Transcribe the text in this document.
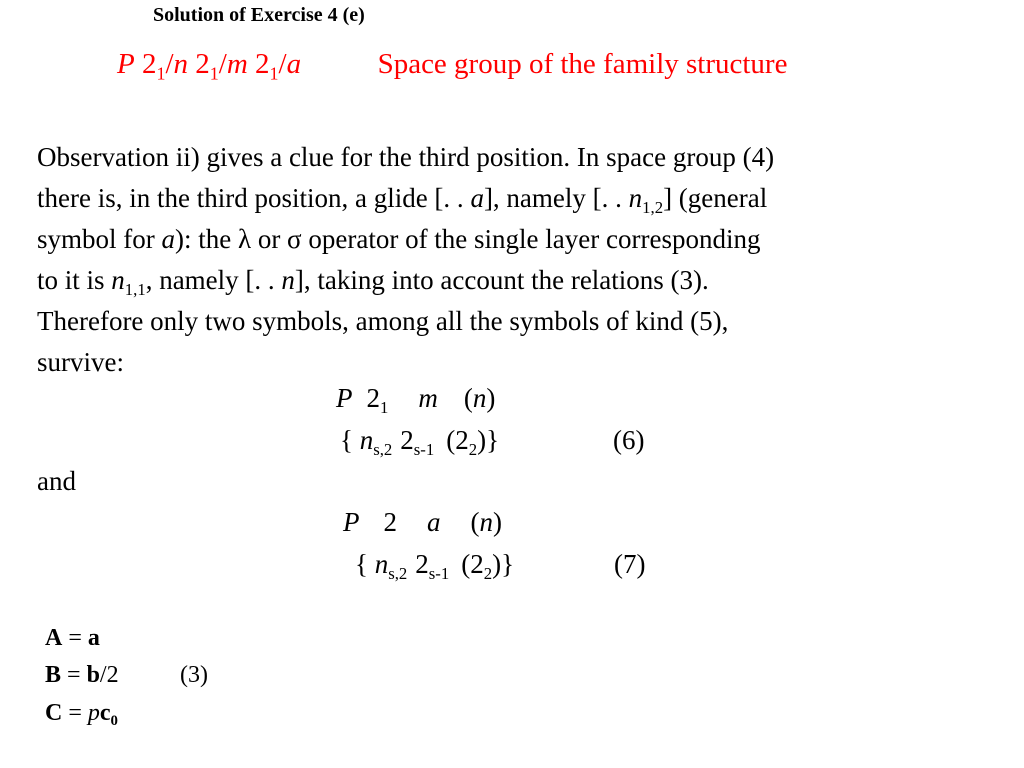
Solution of Exercise 4 (e)
P $2_1/n$ $2_1/m$ $2_1/a$	Space group of the family structure
Observation ii) gives a clue for the third position. In space group (4)
there is, in the third position, a glide [. . a], namely [. . $n_{1,2}$] (general
symbol for a): the λ or σ operator of the single layer corresponding
to it is $n_{1,1}$, namely [. . n], taking into account the relations (3).
Therefore only two symbols, among all the symbols of kind (5),
survive:
P $2_1$ m (n)
{ $n_{s,2}$ $2_{s-1}$ $(2_2)$}	(6)
and
P 2 a (n)
{ $n_{s,2}$ $2_{s-1}$ $(2_2)$}	(7)
A = a
B = b/2	(3)
$C = pc_0$
